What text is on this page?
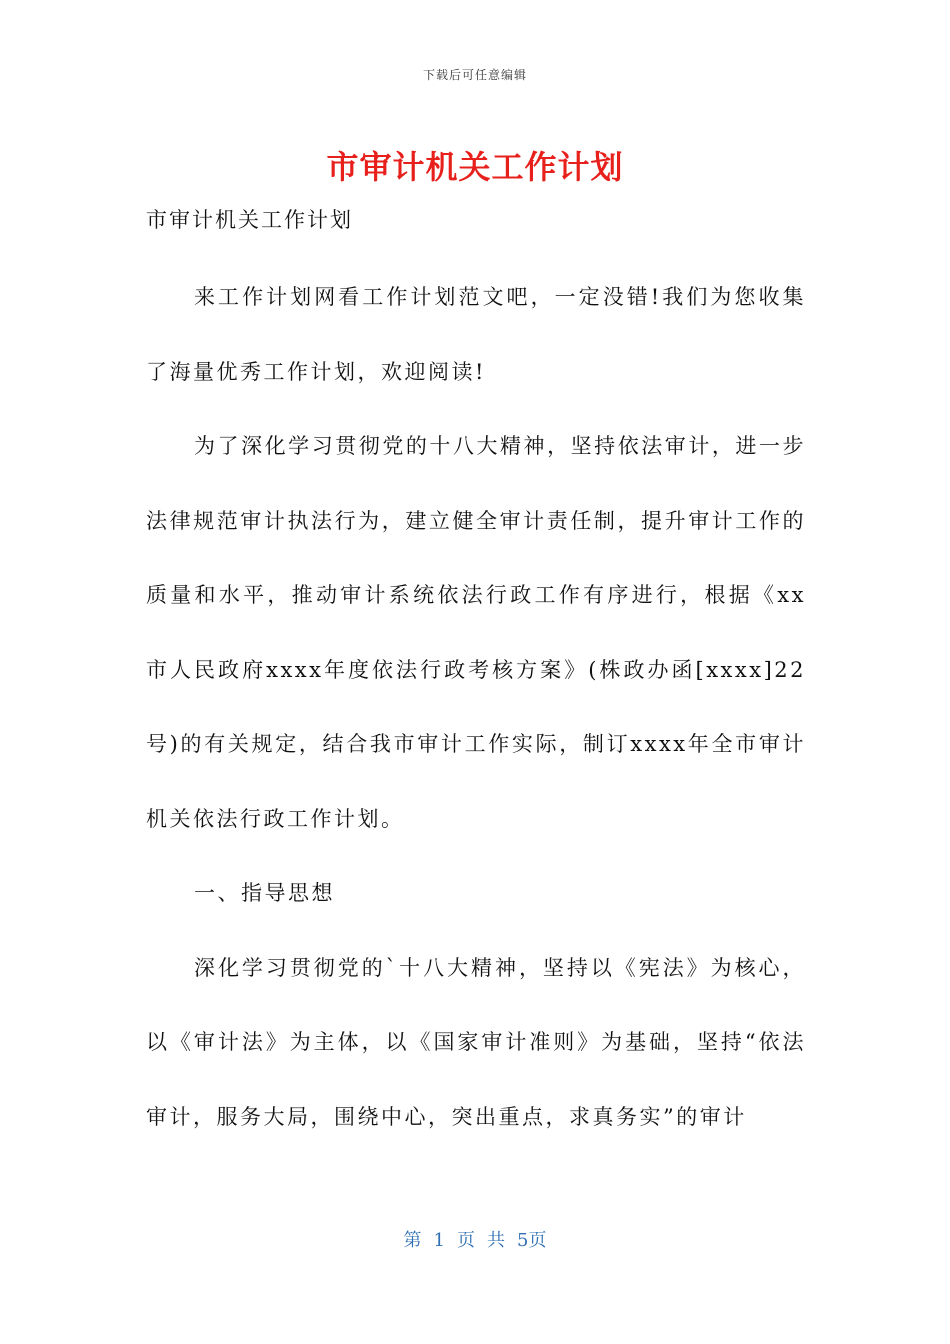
下载后可任意编辑
市审计机关工作计划
市审计机关工作计划

来工作计划网看工作计划范文吧，一定没错!我们为您收集了海量优秀工作计划，欢迎阅读!

为了深化学习贯彻党的十八大精神，坚持依法审计，进一步法律规范审计执法行为，建立健全审计责任制，提升审计工作的质量和水平，推动审计系统依法行政工作有序进行，根据《xx市人民政府xxxx年度依法行政考核方案》(株政办函[xxxx]22号)的有关规定，结合我市审计工作实际，制订xxxx年全市审计机关依法行政工作计划。

一、指导思想

深化学习贯彻党的`十八大精神，坚持以《宪法》为核心，以《审计法》为主体，以《国家审计准则》为基础，坚持“依法审计，服务大局，围绕中心，突出重点，求真务实”的审计

第 1 页 共 5页
